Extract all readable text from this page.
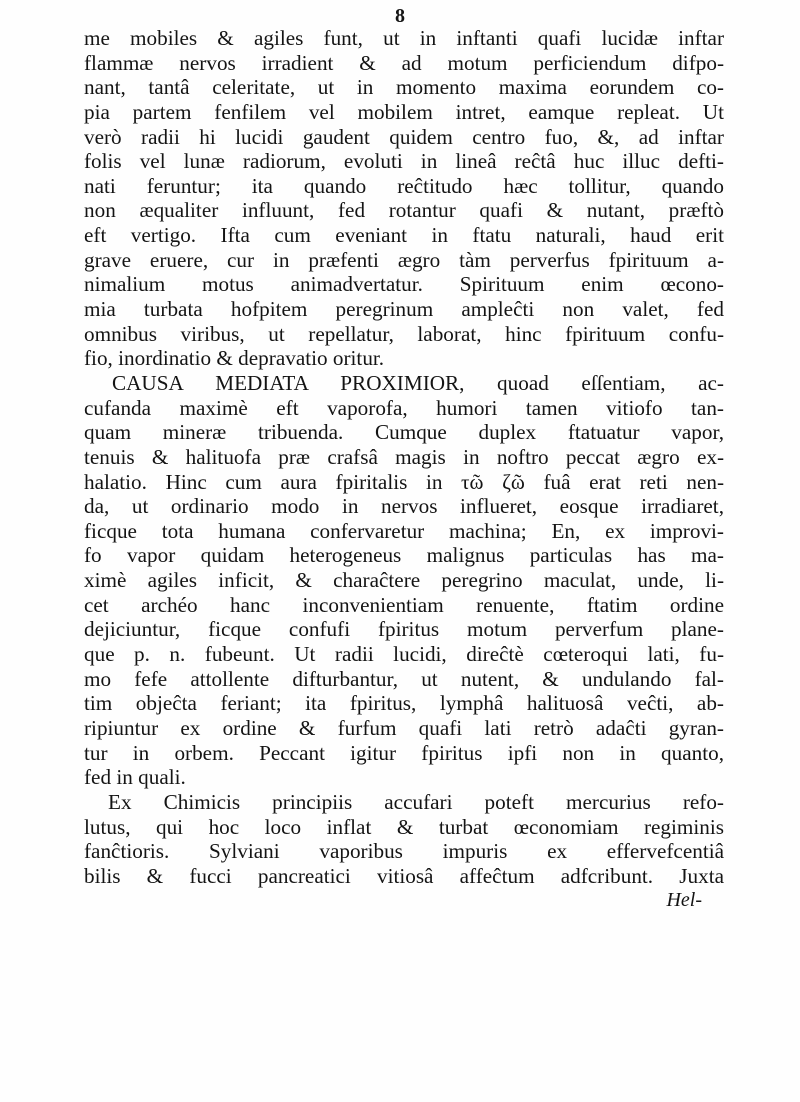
8
me mobiles & agiles funt, ut in inftanti quafi lucidæ inftar
flammæ nervos irradient & ad motum perficiendum difpo-
nant, tantâ celeritate, ut in momento maxima eorundem co-
pia partem fenfilem vel mobilem intret, eamque repleat. Ut
verò radii hi lucidi gaudent quidem centro fuo, &, ad inftar
folis vel lunæ radiorum, evoluti in lineâ reĉtâ huc illuc defti-
nati feruntur; ita quando reĉtitudo hæc tollitur, quando
non æqualiter influunt, fed rotantur quafi & nutant, præftò
eft vertigo. Ifta cum eveniant in ftatu naturali, haud erit
grave eruere, cur in præfenti ægro tàm perverfus fpirituum a-
nimalium motus animadvertatur. Spirituum enim œcono-
mia turbata hofpitem peregrinum ampleĉti non valet, fed
omnibus viribus, ut repellatur, laborat, hinc fpirituum confu-
fio, inordinatio & depravatio oritur.
CAUSA MEDIATA PROXIMIOR, quoad eſſentiam, ac-
cufanda maximè eft vaporofa, humori tamen vitiofo tan-
quam mineræ tribuenda. Cumque duplex ftatuatur vapor,
tenuis & halituofa præ crafsâ magis in noftro peccat ægro ex-
halatio. Hinc cum aura fpiritalis in τῶ ζῶ fuâ erat reti nen-
da, ut ordinario modo in nervos influeret, eosque irradiaret,
ficque tota humana confervaretur machina; En, ex improvi-
fo vapor quidam heterogeneus malignus particulas has ma-
ximè agiles inficit, & charaĉtere peregrino maculat, unde, li-
cet archéo hanc inconvenientiam renuente, ftatim ordine
dejiciuntur, ficque confufi fpiritus motum perverfum plane-
que p. n. fubeunt. Ut radii lucidi, direĉtè cœteroqui lati, fu-
mo fefe attollente difturbantur, ut nutent, & undulando fal-
tim objeĉta feriant; ita fpiritus, lymphâ halituosâ veĉti, ab-
ripiuntur ex ordine & furfum quafi lati retrò adaĉti gyran-
tur in orbem. Peccant igitur fpiritus ipfi non in quanto,
fed in quali.
Ex Chimicis principiis accufari poteft mercurius refo-
lutus, qui hoc loco inflat & turbat œconomiam regiminis
fanĉtioris. Sylviani vaporibus impuris ex effervefcentiâ
bilis & fucci pancreatici vitiosâ affeĉtum adfcribunt. Juxta
Hel-
